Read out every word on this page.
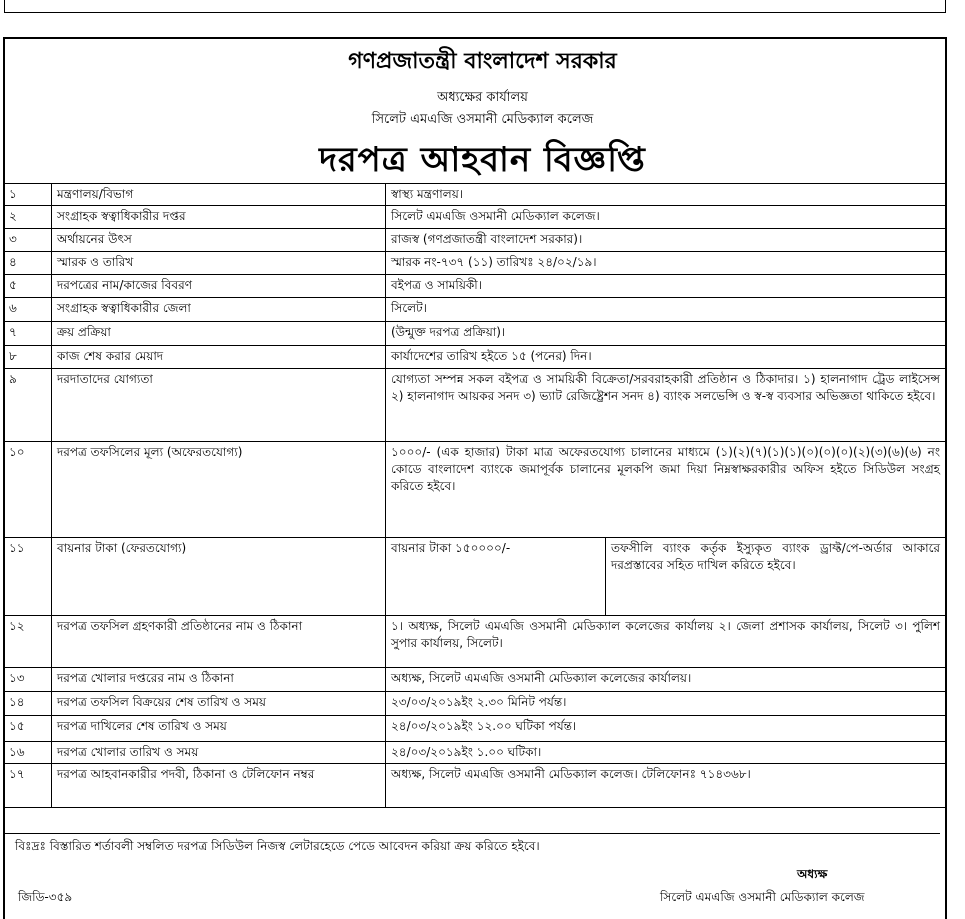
গণপ্রজাতন্ত্রী বাংলাদেশ সরকার
অধ্যক্ষের কার্যালয়
সিলেট এমএজি ওসমানী মেডিক্যাল কলেজ
দরপত্র আহবান বিজ্ঞপ্তি
১	মন্ত্রণালয়/বিভাগ	স্বাস্থ্য মন্ত্রণালয়।	
২	সংগ্রাহক স্বত্বাধিকারীর দপ্তর	সিলেট এমএজি ওসমানী মেডিক্যাল কলেজ।	
৩	অর্থায়নের উৎস	রাজস্ব (গণপ্রজাতন্ত্রী বাংলাদেশ সরকার)।	
৪	স্মারক ও তারিখ	স্মারক নং-৭৩৭ (১১) তারিখঃ ২৪/০২/১৯।	
৫	দরপত্রের নাম/কাজের বিবরণ	বইপত্র ও সাময়িকী।	
৬	সংগ্রাহক স্বত্বাধিকারীর জেলা	সিলেট।	
৭	ক্রয় প্রক্রিয়া	(উন্মুক্ত দরপত্র প্রক্রিয়া)।	
৮	কাজ শেষ করার মেয়াদ	কার্যাদেশের তারিখ হইতে ১৫ (পনের) দিন।	
৯	দরদাতাদের যোগ্যতা	যোগ্যতা সম্পন্ন সকল বইপত্র ও সাময়িকী বিক্রেতা/সরবরাহকারী প্রতিষ্ঠান ও ঠিকাদার। ১) হালনাগাদ ট্রেড লাইসেন্স ২) হালনাগাদ আয়কর সনদ ৩) ভ্যাট রেজিষ্ট্রেশন সনদ ৪) ব্যাংক সলভেন্সি ও স্ব-স্ব ব্যবসার অভিজ্ঞতা থাকিতে হইবে।	
১০	দরপত্র তফসিলের মূল্য (অফেরতযোগ্য)	১০০০/- (এক হাজার) টাকা মাত্র অফেরতযোগ্য চালানের মাধ্যমে (১)(২)(৭)(১)(১)(০)(০)(০)(২)(৩)(৬)(৬) নং কোডে বাংলাদেশ ব্যাংকে জমাপূর্বক চালানের মূলকপি জমা দিয়া নিম্নস্বাক্ষরকারীর অফিস হইতে সিডিউল সংগ্রহ করিতে হইবে।	
১১	বায়নার টাকা (ফেরতযোগ্য)	বায়নার টাকা ১৫০০০০/-	তফসীলি ব্যাংক কর্তৃক ইস্যুকৃত ব্যাংক ড্রাফ্ট/পে-অর্ডার আকারে দরপ্রস্তাবের সহিত দাখিল করিতে হইবে।
১২	দরপত্র তফসিল গ্রহণকারী প্রতিষ্ঠানের নাম ও ঠিকানা	১। অধ্যক্ষ, সিলেট এমএজি ওসমানী মেডিক্যাল কলেজের কার্যালয় ২। জেলা প্রশাসক কার্যালয়, সিলেট ৩। পুলিশ সুপার কার্যালয়, সিলেট।	
১৩	দরপত্র খোলার দপ্তরের নাম ও ঠিকানা	অধ্যক্ষ, সিলেট এমএজি ওসমানী মেডিক্যাল কলেজের কার্যালয়।	
১৪	দরপত্র তফসিল বিক্রয়ের শেষ তারিখ ও সময়	২৩/০৩/২০১৯ইং ২.৩০ মিনিট পর্যন্ত।	
১৫	দরপত্র দাখিলের শেষ তারিখ ও সময়	২৪/০৩/২০১৯ইং ১২.০০ ঘটিকা পর্যন্ত।	
১৬	দরপত্র খোলার তারিখ ও সময়	২৪/০৩/২০১৯ইং ১.০০ ঘটিকা।	
১৭	দরপত্র আহবানকারীর পদবী, ঠিকানা ও টেলিফোন নম্বর	অধ্যক্ষ, সিলেট এমএজি ওসমানী মেডিক্যাল কলেজ। টেলিফোনঃ ৭১৪৩৬৮।	
বিঃদ্রঃ বিস্তারিত শর্তাবলী সম্বলিত দরপত্র সিডিউল নিজস্ব লেটারহেডে পেডে আবেদন করিয়া ক্রয় করিতে হইবে।
অধ্যক্ষ
জিডি-৩৫৯	সিলেট এমএজি ওসমানী মেডিক্যাল কলেজ
